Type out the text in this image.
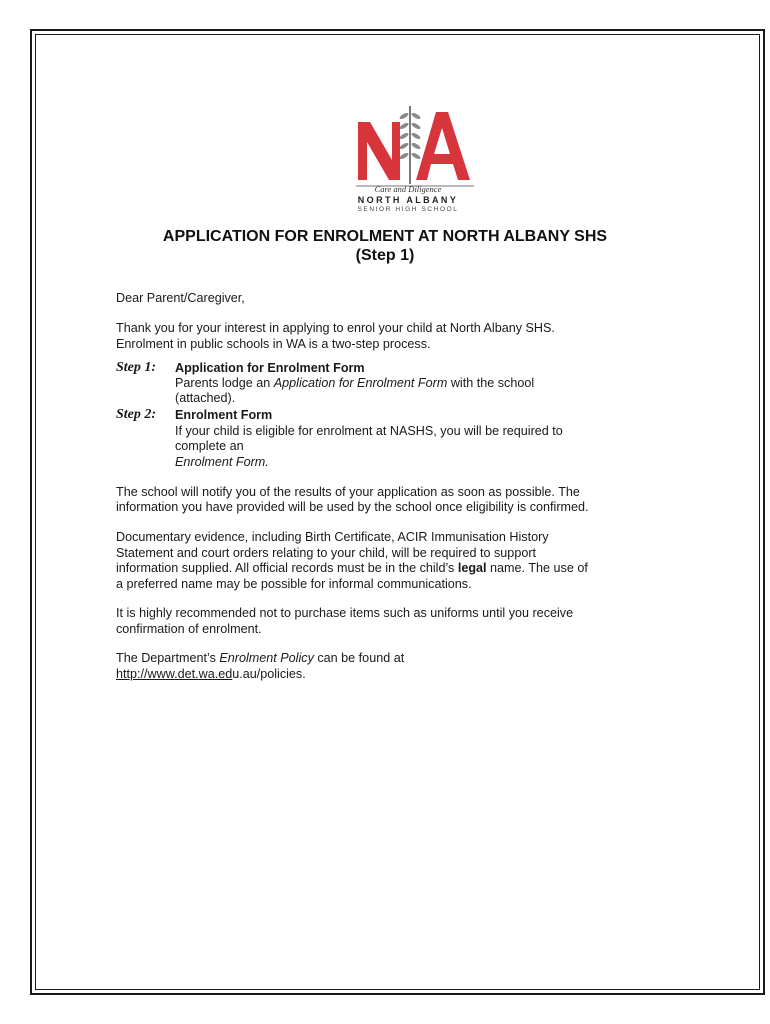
Care and Diligence
NORTH ALBANY
SENIOR HIGH SCHOOL
APPLICATION FOR ENROLMENT AT NORTH ALBANY SHS
(Step 1)

Dear Parent/Caregiver,

Thank you for your interest in applying to enrol your child at North Albany SHS.

Enrolment in public schools in WA is a two-step process.

Step 1: Application for Enrolment Form

Parents lodge an Application for Enrolment Form with the school

(attached).

Step 2: Enrolment Form

If your child is eligible for enrolment at NASHS, you will be required to

complete an

Enrolment Form.

The school will notify you of the results of your application as soon as possible. The

information you have provided will be used by the school once eligibility is confirmed.

Documentary evidence, including Birth Certificate, ACIR Immunisation History

Statement and court orders relating to your child, will be required to support

information supplied. All official records must be in the child’s legal name. The use of

a preferred name may be possible for informal communications.

It is highly recommended not to purchase items such as uniforms until you receive

confirmation of enrolment.

The Department’s Enrolment Policy can be found at

http://www.det.wa.edu.au/policies.
